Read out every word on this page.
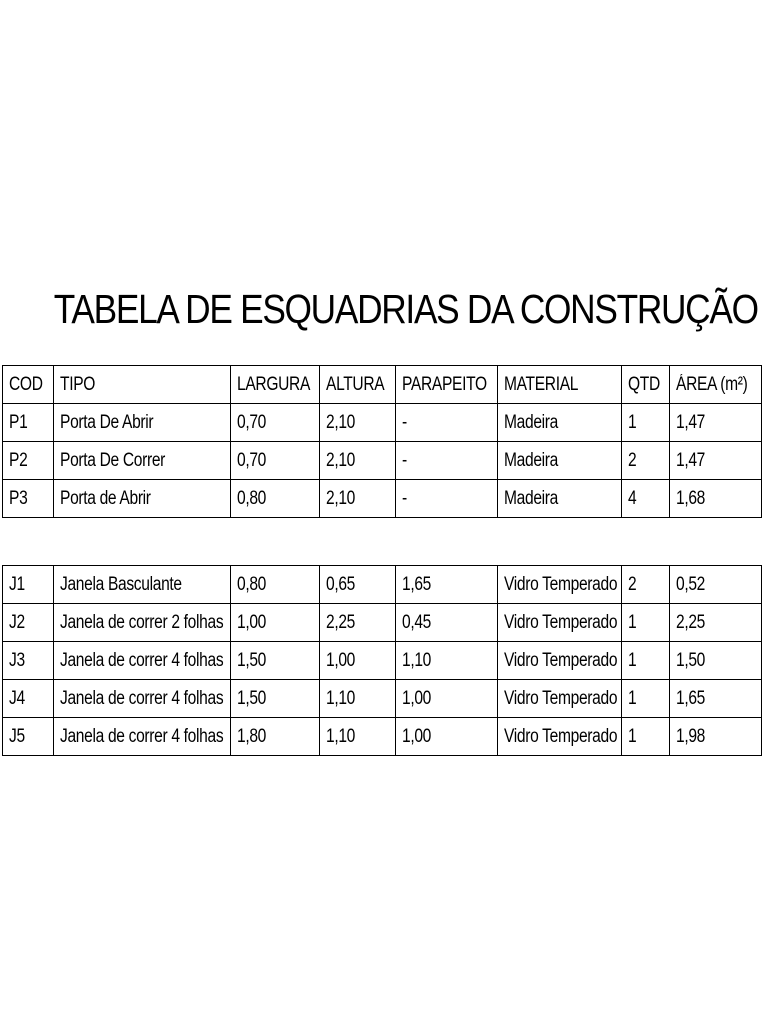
TABELA DE ESQUADRIAS DA CONSTRUÇÃO
COD	TIPO	LARGURA	ALTURA	PARAPEITO	MATERIAL	QTD	ÁREA (m²)
P1	Porta De Abrir	0,70	2,10	-	Madeira	1	1,47
P2	Porta De Correr	0,70	2,10	-	Madeira	2	1,47
P3	Porta de Abrir	0,80	2,10	-	Madeira	4	1,68
J1	Janela Basculante	0,80	0,65	1,65	Vidro Temperado	2	0,52
J2	Janela de correr 2 folhas	1,00	2,25	0,45	Vidro Temperado	1	2,25
J3	Janela de correr 4 folhas	1,50	1,00	1,10	Vidro Temperado	1	1,50
J4	Janela de correr 4 folhas	1,50	1,10	1,00	Vidro Temperado	1	1,65
J5	Janela de correr 4 folhas	1,80	1,10	1,00	Vidro Temperado	1	1,98
